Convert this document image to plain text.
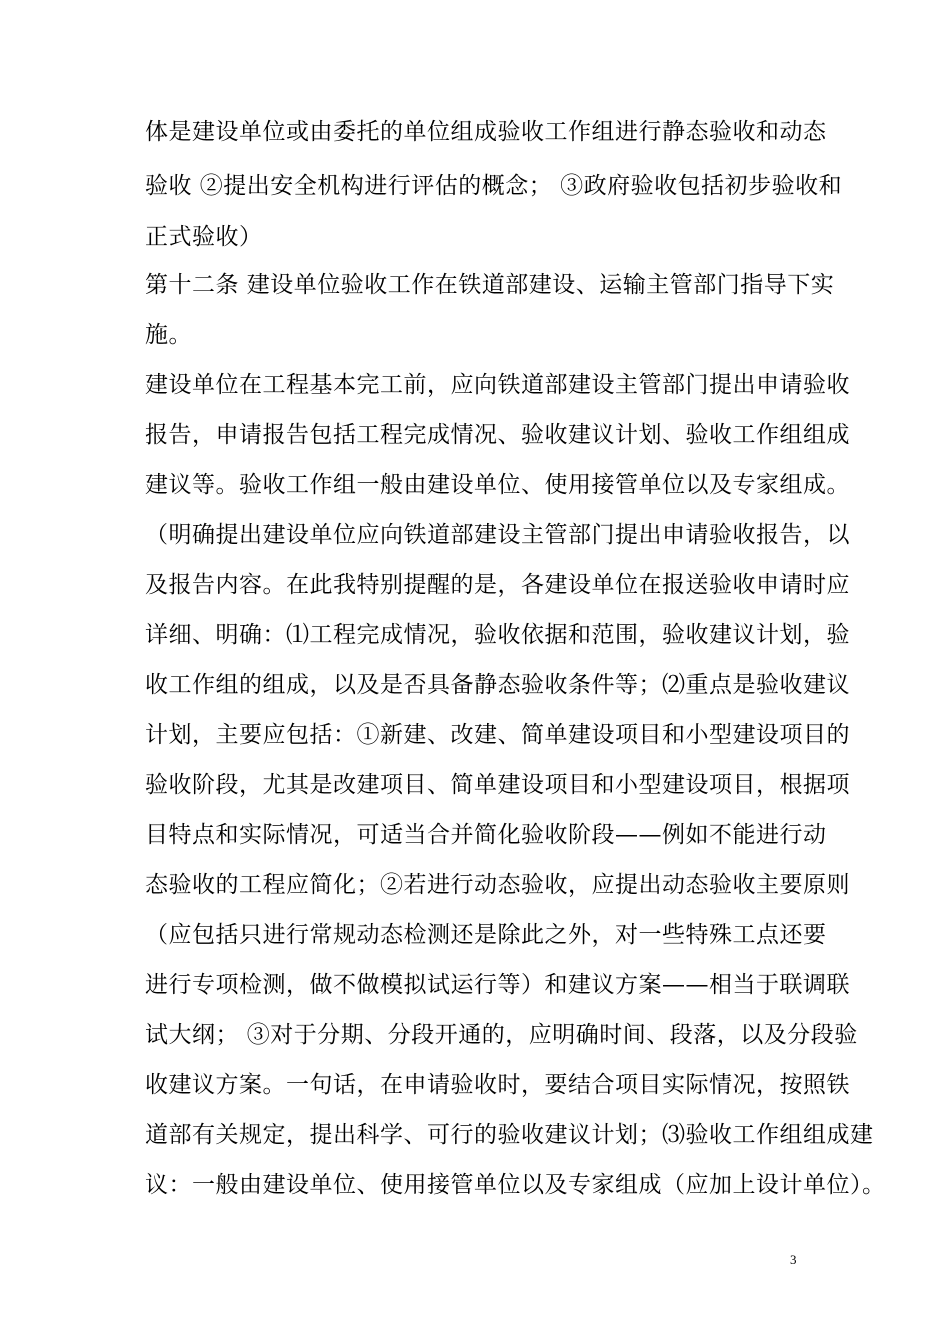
体是建设单位或由委托的单位组成验收工作组进行静态验收和动态
验收 ②提出安全机构进行评估的概念； ③政府验收包括初步验收和
正式验收）
第十二条 建设单位验收工作在铁道部建设、运输主管部门指导下实
施。
建设单位在工程基本完工前，应向铁道部建设主管部门提出申请验收
报告，申请报告包括工程完成情况、验收建议计划、验收工作组组成
建议等。验收工作组一般由建设单位、使用接管单位以及专家组成。
（明确提出建设单位应向铁道部建设主管部门提出申请验收报告，以
及报告内容。在此我特别提醒的是，各建设单位在报送验收申请时应
详细、明确：⑴工程完成情况，验收依据和范围，验收建议计划，验
收工作组的组成，以及是否具备静态验收条件等；⑵重点是验收建议
计划，主要应包括：①新建、改建、简单建设项目和小型建设项目的
验收阶段，尤其是改建项目、简单建设项目和小型建设项目，根据项
目特点和实际情况，可适当合并简化验收阶段——例如不能进行动
态验收的工程应简化；②若进行动态验收，应提出动态验收主要原则
（应包括只进行常规动态检测还是除此之外，对一些特殊工点还要
进行专项检测，做不做模拟试运行等）和建议方案——相当于联调联
试大纲； ③对于分期、分段开通的，应明确时间、段落，以及分段验
收建议方案。一句话，在申请验收时，要结合项目实际情况，按照铁
道部有关规定，提出科学、可行的验收建议计划；⑶验收工作组组成建
议：一般由建设单位、使用接管单位以及专家组成（应加上设计单位）。
3
